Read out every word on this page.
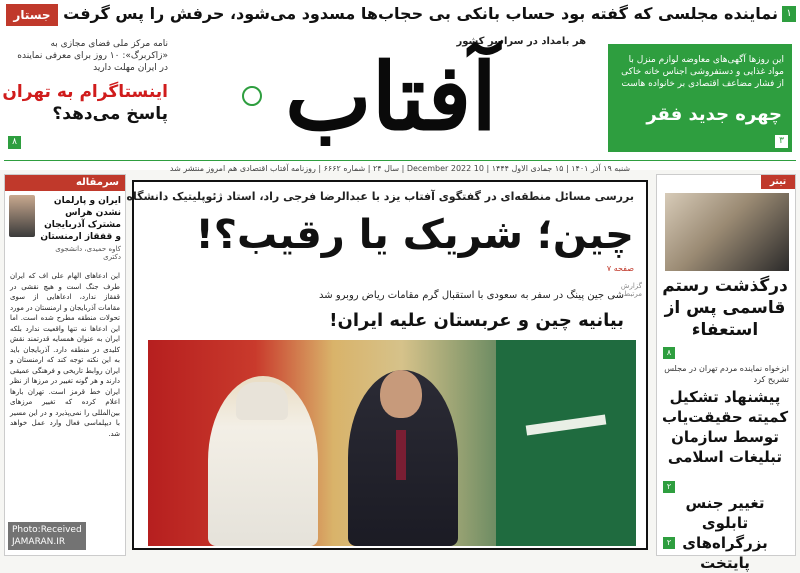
جستار نماینده مجلسی که گفته بود حساب بانکی بی حجاب‌ها مسدود می‌شود، حرفش را پس گرفت ۱
نامه مرکز ملی فضای مجازی به «زاکربرگ»: ۱۰ روز برای معرفی نماینده در ایران مهلت دارید
اینستاگرام به تهران
پاسخ می‌دهد؟
۸
هر بامداد در سراسر کشور
آفتاب	این روزها آگهی‌های معاوضه لوازم منزل با مواد غذایی و دستفروشی اجناس خانه خاکی از فشار مضاعف اقتصادی بر خانواده هاست
چهره جدید فقر
۳
شنبه ۱۹ آذر ۱۴۰۱ | ۱۵ جمادی الاول ۱۴۴۴ | 10 December 2022 | سال ۲۴ | شماره ۶۶۶۲ | روزنامه آفتاب اقتصادی هم امروز منتشر شد
سرمقاله
ایران و پارلمان نشدن هراس مشترک آذربایجان و قفقاز ارمنستان
کاوه حمیدی، دانشجوی دکتری
این ادعاهای الهام علی اف که ایران طرف جنگ است و هیچ نقشی در قفقاز ندارد، ادعاهایی از سوی مقامات آذربایجان و ارمنستان در مورد تحولات منطقه مطرح شده است. اما این ادعاها نه تنها واقعیت ندارد بلکه ایران به عنوان همسایه قدرتمند نقش کلیدی در منطقه دارد. آذربایجان باید به این نکته توجه کند که ارمنستان و ایران روابط تاریخی و فرهنگی عمیقی دارند و هر گونه تغییر در مرزها از نظر ایران خط قرمز است. تهران بارها اعلام کرده که تغییر مرزهای بین‌المللی را نمی‌پذیرد و در این مسیر با دیپلماسی فعال وارد عمل خواهد شد.
بررسی مسائل منطقه‌ای در گفتگوی آفتاب یزد با عبدالرضا فرجی راد، استاد ژئوپلیتیک دانشگاه
چین؛ شریک یا رقیب؟!
صفحه ۷
گزارش مرتبط
شی جین پینگ در سفر به سعودی با استقبال گرم مقامات ریاض روبرو شد
بیانیه چین و عربستان علیه ایران!
تیتر
درگذشت رستم قاسمی پس از استعفاء
۸
ابزخواه نماینده مردم تهران در مجلس تشریح کرد
پیشنهاد تشکیل کمیته حقیقت‌یاب توسط سازمان تبلیغات اسلامی
۲
تغییر جنس تابلوی بزرگراه‌های پایتخت
۲
Photo:Received
JAMARAN.IR
